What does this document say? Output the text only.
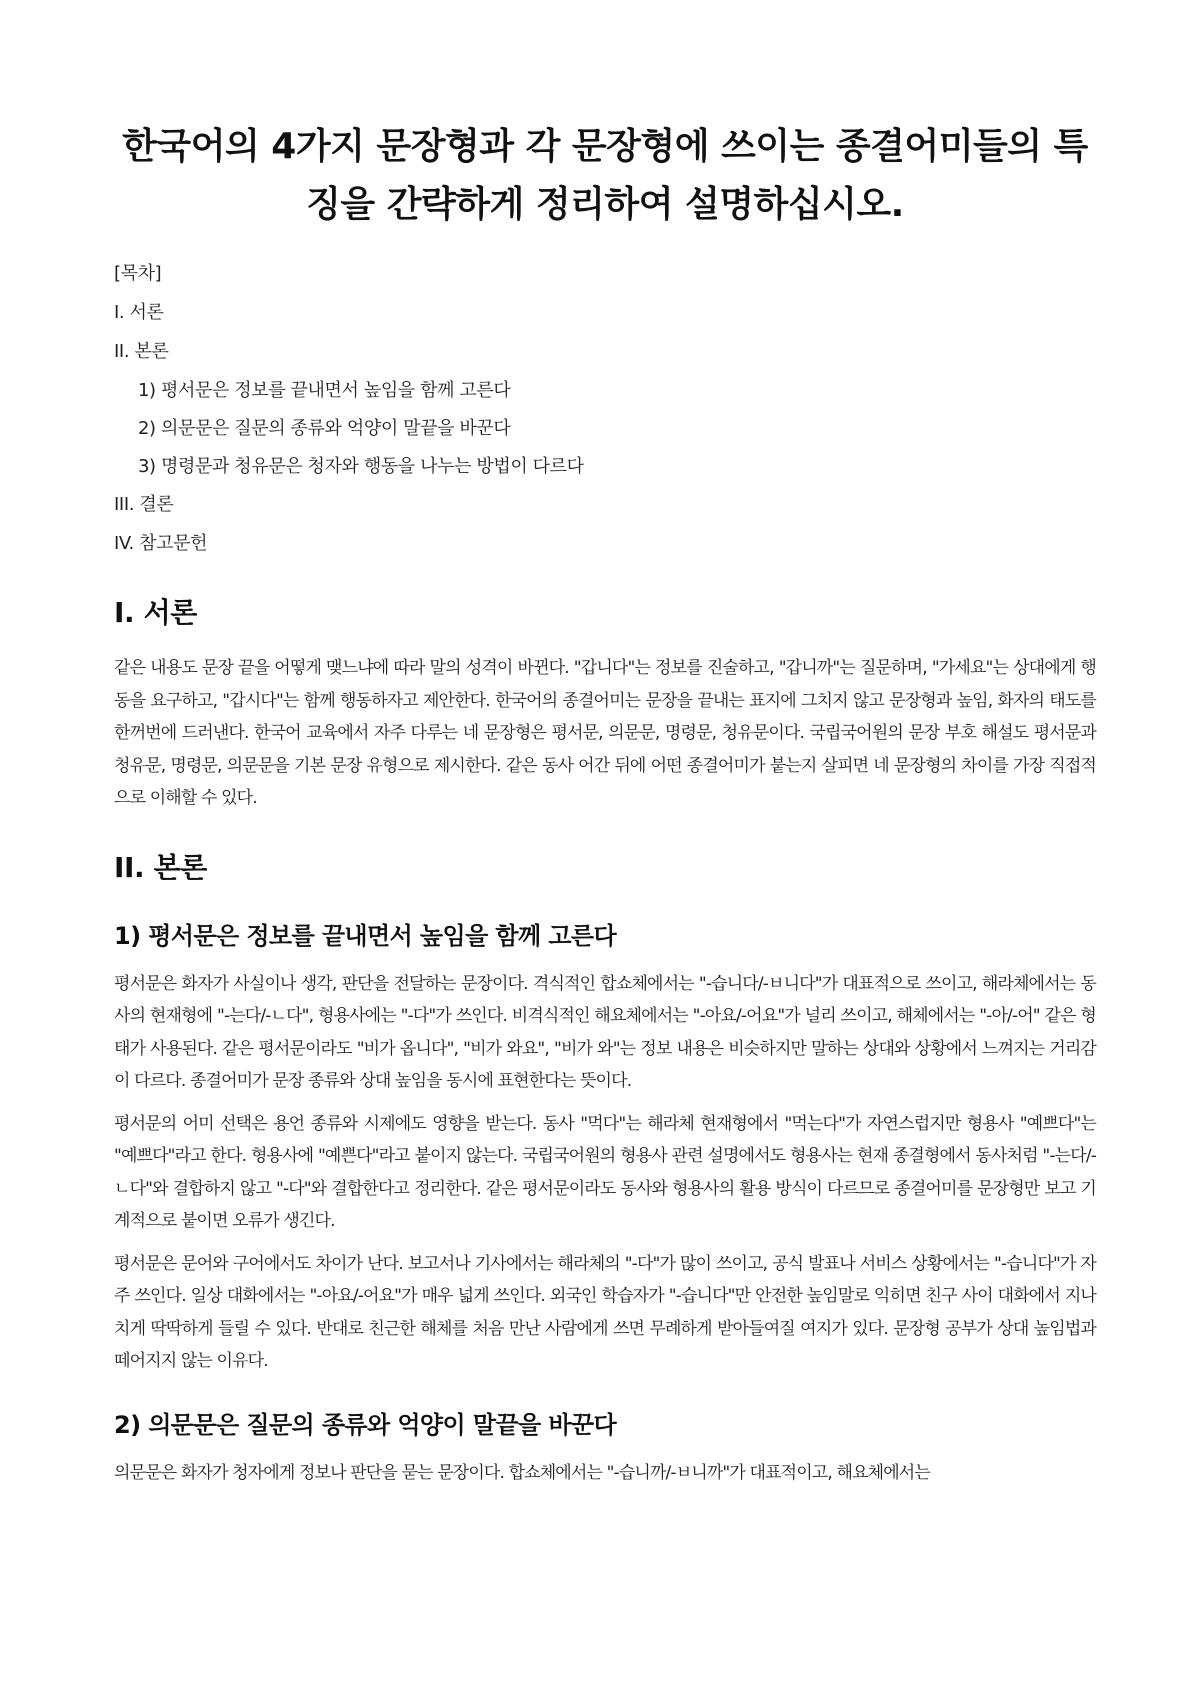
한국어의 4가지 문장형과 각 문장형에 쓰이는 종결어미들의 특징을 간략하게 정리하여 설명하십시오.
[목차]
I. 서론
II. 본론
1) 평서문은 정보를 끝내면서 높임을 함께 고른다
2) 의문문은 질문의 종류와 억양이 말끝을 바꾼다
3) 명령문과 청유문은 청자와 행동을 나누는 방법이 다르다
III. 결론
IV. 참고문헌
I. 서론

같은 내용도 문장 끝을 어떻게 맺느냐에 따라 말의 성격이 바뀐다. "갑니다"는 정보를 진술하고, "갑니까"는 질문하며, "가세요"는 상대에게 행동을 요구하고, "갑시다"는 함께 행동하자고 제안한다. 한국어의 종결어미는 문장을 끝내는 표지에 그치지 않고 문장형과 높임, 화자의 태도를 한꺼번에 드러낸다. 한국어 교육에서 자주 다루는 네 문장형은 평서문, 의문문, 명령문, 청유문이다. 국립국어원의 문장 부호 해설도 평서문과 청유문, 명령문, 의문문을 기본 문장 유형으로 제시한다. 같은 동사 어간 뒤에 어떤 종결어미가 붙는지 살피면 네 문장형의 차이를 가장 직접적으로 이해할 수 있다.

II. 본론
1) 평서문은 정보를 끝내면서 높임을 함께 고른다

평서문은 화자가 사실이나 생각, 판단을 전달하는 문장이다. 격식적인 합쇼체에서는 "-습니다/-ㅂ니다"가 대표적으로 쓰이고, 해라체에서는 동사의 현재형에 "-는다/-ㄴ다", 형용사에는 "-다"가 쓰인다. 비격식적인 해요체에서는 "-아요/-어요"가 널리 쓰이고, 해체에서는 "-아/-어" 같은 형태가 사용된다. 같은 평서문이라도 "비가 옵니다", "비가 와요", "비가 와"는 정보 내용은 비슷하지만 말하는 상대와 상황에서 느껴지는 거리감이 다르다. 종결어미가 문장 종류와 상대 높임을 동시에 표현한다는 뜻이다.

평서문의 어미 선택은 용언 종류와 시제에도 영향을 받는다. 동사 "먹다"는 해라체 현재형에서 "먹는다"가 자연스럽지만 형용사 "예쁘다"는 "예쁘다"라고 한다. 형용사에 "예쁜다"라고 붙이지 않는다. 국립국어원의 형용사 관련 설명에서도 형용사는 현재 종결형에서 동사처럼 "-는다/-ㄴ다"와 결합하지 않고 "-다"와 결합한다고 정리한다. 같은 평서문이라도 동사와 형용사의 활용 방식이 다르므로 종결어미를 문장형만 보고 기계적으로 붙이면 오류가 생긴다.

평서문은 문어와 구어에서도 차이가 난다. 보고서나 기사에서는 해라체의 "-다"가 많이 쓰이고, 공식 발표나 서비스 상황에서는 "-습니다"가 자주 쓰인다. 일상 대화에서는 "-아요/-어요"가 매우 넓게 쓰인다. 외국인 학습자가 "-습니다"만 안전한 높임말로 익히면 친구 사이 대화에서 지나치게 딱딱하게 들릴 수 있다. 반대로 친근한 해체를 처음 만난 사람에게 쓰면 무례하게 받아들여질 여지가 있다. 문장형 공부가 상대 높임법과 떼어지지 않는 이유다.

2) 의문문은 질문의 종류와 억양이 말끝을 바꾼다

의문문은 화자가 청자에게 정보나 판단을 묻는 문장이다. 합쇼체에서는 "-습니까/-ㅂ니까"가 대표적이고, 해요체에서는
